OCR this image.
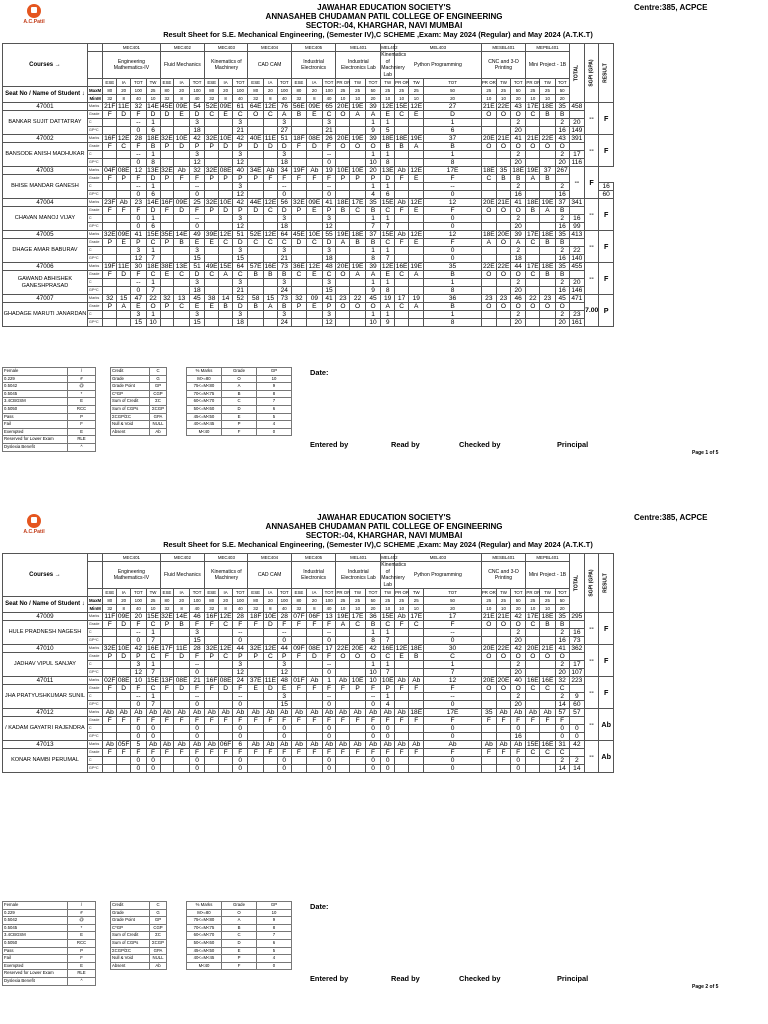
A.C.Patil
JAWAHAR EDUCATION SOCIETY'S
ANNASAHEB CHUDAMAN PATIL COLLEGE OF ENGINEERING
SECTOR:-04, KHARGHAR, NAVI MUMBAI
Result Sheet for S.E. Mechanical Engineering, (Semester IV),C SCHEME ,Exam: May 2024 (Regular) and May 2024 (A.T.K.T)
Centre:385, ACPCE
Courses →		MEC401				MEC402			MEC403			MEC404			MEC405			MEL401			MEL402	MEL403			MESBL401			MEPBL401			TOTAL	SGPI (GPA)	RESULT

		Engineering Mathematics-IV				Fluid Mechanics			Kinematics of Machinery			CAD CAM			Industrial Electronics			Industrial Electronics Lab			Kinematics of Machniery Lab	Python Programming			CNC and 3-D Printing			Mini Project - 1B					
		ESE	IA	TOT	TW	ESE	IA	TOT	ESE	IA	TOT	ESE	IA	TOT	ESE	IA	TOT	PR OR	TW	TOT	TW	PR OR	TW	TOT	PR OR	TW	TOT	PR OR	TW	TOT			
Seat No / Name of Student ↓	MaxM	80	20	100	25	80	20	100	80	20	100	80	20	100	80	20	100	25	25	50	25	25	25	50	25	25	50	25	25	50			
	MinM	32	8	40	10	32	8	40	32	8	40	32	8	40	32	8	40	10	10	20	10	10	10	20	10	10	20	10	10	20			
47001	Marks	21F	11E	32	14E	45E	09E	54	52E	09E	61	64E	12E	76	56E	09E	65	20E	19E	39	12E	15E	12E	27	21E	22E	43	17E	18E	35	458	--	F
BANKAR SUJIT DATTATRAY	Grade	F	D	F	D	D	E	D	C	E	C	O	C	A	B	E	C	O	A	A	E	C	E	D	O	O	O	C	B	B			
	C			--	1			3			3			3			3			1	1			1			2			2	20		
	GP*C			0	6			18			21			27			21			9	5			6			20			16	149		
47002	Marks	16F	12E	28	18E	32E	10E	42	32E	10E	42	40E	11E	51	18F	08E	26	20E	19E	39	18E	18E	19E	37	20E	21E	41	21E	22E	43	391	--	F
BANSODE ANISH MADHUKAR	Grade	F	C	F	B	P	D	P	P	D	P	D	D	D	F	D	F	O	O	O	B	B	A	B	O	O	O	O	O	O			
	C			--	1			3			3			3			--			1	1			1			2			2	17		
	GP*C			0	8			12			12			18			0			10	8			8			20			20	116		
47003	Marks	04F	08E	12	13E	32E	Ab	32	32E	08E	40	34E	Ab	34	19F	Ab	19	10E	10E	20	13E	Ab	12E	17E	18E	35	18E	19E	37	267	--	F	
BHISE MANDAR GANESH	Grade	F	P	F	D	P	F	F	P	P	P	P	F	F	F	F	F	P	P	P	D	F	E	F	C	B	B	A	B				
	C			--	1			--			3			--			--			1	1			--			2			2			16
	GP*C			0	6			0			12			0			0			4	6			0			16			16			60
47004	Marks	23F	Ab	23	14E	16F	09E	25	32E	10E	42	44E	12E	56	32E	09E	41	18E	17E	35	15E	Ab	12E	12	20E	21E	41	18E	19E	37	341	--	F
CHAVAN MANOJ VIJAY	Grade	F	F	F	D	F	D	F	P	D	P	D	C	D	P	E	P	B	C	B	C	F	E	F	O	O	O	B	A	B			
	C			0	1			--			3			3			3			1	1			0			2			2	16		
	GP*C			0	6			0			12			18			12			7	7			0			20			16	99		
47005	Marks	32E	09E	41	15E	35E	14E	49	39E	12E	51	52E	12E	64	45E	10E	55	19E	18E	37	15E	Ab	12E	12	18E	20E	39	17E	18E	35	413	--	F
DHAGE AMAR BABURAV	Grade	P	E	P	C	P	B	E	E	C	D	C	C	C	D	C	D	A	B	B	C	F	E	F	A	O	A	C	B	B			
	C			3	1			3			3			3			3			1	1			0			2			2	22		
	GP*C			12	7			15			15			21			18			8	7			0			18			16	140		
47006	Marks	19F	11E	30	18E	38E	13E	51	49E	15E	64	57E	16E	73	36E	12E	48	20E	19E	39	12E	16E	19E	35	22E	22E	44	17E	18E	35	455	--	F
GAWAND ABHISHEK GANESHPRASAD	Grade	F	D	F	C	E	C	D	C	A	C	B	B	B	C	E	C	O	A	A	E	C	A	B	O	O	O	C	B	B			
	C			--	1			3			3			3			3			1	1			1			2			2	20		
	GP*C			0	7			18			21			24			15			9	8			8			20			16	146		
47007	Marks	32	15	47	22	32	13	45	38	14	52	58	15	73	32	09	41	23	22	45	19	17	19	36	23	23	46	22	23	45	471	7.00	P
GHADAGE MARUTI JANARDAN	Grade	P	A	E	O	P	C	E	E	B	D	B	A	B	P	E	P	O	O	O	A	C	A	B	O	O	O	O	O	O			
	C			3	1			3			3			3			3			1	1			1			2			2	23		
	GP*C			15	10			15			18			24			12			10	9			8			20			20	161		
Female	/
0.229	#
0.5042	@
0.5045	*
3.4CBGSM	E
0.5050	RCC
Pass	P
Fail	F
Exempted	E
Reserved for Lower Exam	RLE
Dyslexia Benefit	^
Credit	C
Grade	G
Grade Point	GP
C*GP	CGP
Sum of Credit	ΣC
Sum of CGPs	ΣCGP
ΣCGP/ΣC	GPA
Null & Void	NULL
Absent	Ab
% Marks	Grade	GP
M>=80	O	10
75<=M<80	A	9
70<=M<75	B	8
60<=M<70	C	7
50<=M<60	D	6
45<=M<50	E	5
40<=M<45	P	4
M<40	F	0
Date:
Entered by	Read by	Checked by	Principal
Page 1 of 5
A.C.Patil
JAWAHAR EDUCATION SOCIETY'S
ANNASAHEB CHUDAMAN PATIL COLLEGE OF ENGINEERING
SECTOR:-04, KHARGHAR, NAVI MUMBAI
Result Sheet for S.E. Mechanical Engineering, (Semester IV),C SCHEME ,Exam: May 2024 (Regular) and May 2024 (A.T.K.T)
Centre:385, ACPCE
Courses →		MEC401				MEC402			MEC403			MEC404			MEC405			MEL401			MEL402	MEL403			MESBL401			MEPBL401			TOTAL	SGPI (GPA)	RESULT

		Engineering Mathematics-IV				Fluid Mechanics			Kinematics of Machinery			CAD CAM			Industrial Electronics			Industrial Electronics Lab			Kinematics of Machniery Lab	Python Programming			CNC and 3-D Printing			Mini Project - 1B					
		ESE	IA	TOT	TW	ESE	IA	TOT	ESE	IA	TOT	ESE	IA	TOT	ESE	IA	TOT	PR OR	TW	TOT	TW	PR OR	TW	TOT	PR OR	TW	TOT	PR OR	TW	TOT			
Seat No / Name of Student ↓	MaxM	80	20	100	25	80	20	100	80	20	100	80	20	100	80	20	100	25	25	50	25	25	25	50	25	25	50	25	25	50			
	MinM	32	8	40	10	32	8	40	32	8	40	32	8	40	32	8	40	10	10	20	10	10	10	20	10	10	20	10	10	20			
47009	Marks	11F	09E	20	15E	32E	14E	46	16F	12E	28	18F	10E	28	07F	06F	13	19E	17E	36	15E	Ab	17E	17	21E	21E	42	17E	18E	35	295	--	F
HULE PRADNESH NAGESH	Grade	F	D	F	C	P	B	F	F	C	F	F	D	F	F	F	F	A	C	B	C	F	C	F	O	O	O	C	B	B			
	C			--	1			3			--			--			--			1	1			--			2			2	16		
	GP*C			0	7			15			0			0			0			8	7			0			20			16	73		
47010	Marks	32E	10E	42	16E	17F	11E	28	32E	12E	44	32E	12E	44	09F	08E	17	22E	20E	42	16E	12E	18E	30	20E	22E	42	20E	21E	41	362	--	F
JADHAV VIPUL SANJAY	Grade	P	D	P	C	F	D	F	P	C	P	P	C	P	F	D	F	O	O	O	C	E	B	C	O	O	O	O	O	O			
	C			3	1			--			3			3			--			1	1			1			2			2	17		
	GP*C			12	7			0			12			12			0			10	7			7			20			20	107		
47011	Marks	02F	08E	10	15E	13F	08E	21	16F	08E	24	37E	11E	48	01F	Ab	1	Ab	10E	10	10E	Ab	Ab	12	20E	20E	40	16E	16E	32	223	--	F
JHA PRATYUSHKUMAR SUNIL	Grade	F	D	F	C	F	D	F	F	D	F	E	D	E	F	F	F	F	P	F	P	F	F	F	O	O	O	C	C	C			
	C			--	1			--			--			3			--			--	1			--			2			2	9		
	GP*C			0	7			0			0			15			0			0	4			0			20			14	60		
47012	Marks	Ab	Ab	Ab	Ab	Ab	Ab	Ab	Ab	Ab	Ab	Ab	Ab	Ab	Ab	Ab	Ab	Ab	Ab	Ab	Ab	Ab	18E	17E	35	Ab	Ab	Ab	Ab	57	57	--	Ab
/ KADAM GAYATRI RAJENDRA	Grade	F	F	F	F	F	F	F	F	F	F	F	F	F	F	F	F	F	F	F	F	F	F	F	F	F	F	F	F	F			
	C			0	0			0			0			0			0			0	0			0			0			0	0		
	GP*C			0	0			0			0			0			0			0	0			0			16			0	0		
47013	Marks	Ab	05F	5	Ab	Ab	Ab	Ab	Ab	06F	6	Ab	Ab	Ab	Ab	Ab	Ab	Ab	Ab	Ab	Ab	Ab	Ab	Ab	Ab	Ab	Ab	15E	16E	31	42	--	Ab
KONAR NAMBI PERUMAL	Grade	F	F	F	F	F	F	F	F	F	F	F	F	F	F	F	F	F	F	F	F	F	F	F	F	F	F	C	C	C			
	C			0	0			0			0			0			0			0	0			0			0			2	2		
	GP*C			0	0			0			0			0			0			0	0			0			0			14	14		
Female	/
0.229	#
0.5042	@
0.5045	*
3.4CBGSM	E
0.5050	RCC
Pass	P
Fail	F
Exempted	E
Reserved for Lower Exam	RLE
Dyslexia Benefit	^
Credit	C
Grade	G
Grade Point	GP
C*GP	CGP
Sum of Credit	ΣC
Sum of CGPs	ΣCGP
ΣCGP/ΣC	GPA
Null & Void	NULL
Absent	Ab
% Marks	Grade	GP
M>=80	O	10
75<=M<80	A	9
70<=M<75	B	8
60<=M<70	C	7
50<=M<60	D	6
45<=M<50	E	5
40<=M<45	P	4
M<40	F	0
Date:
Entered by	Read by	Checked by	Principal
Page 2 of 5
